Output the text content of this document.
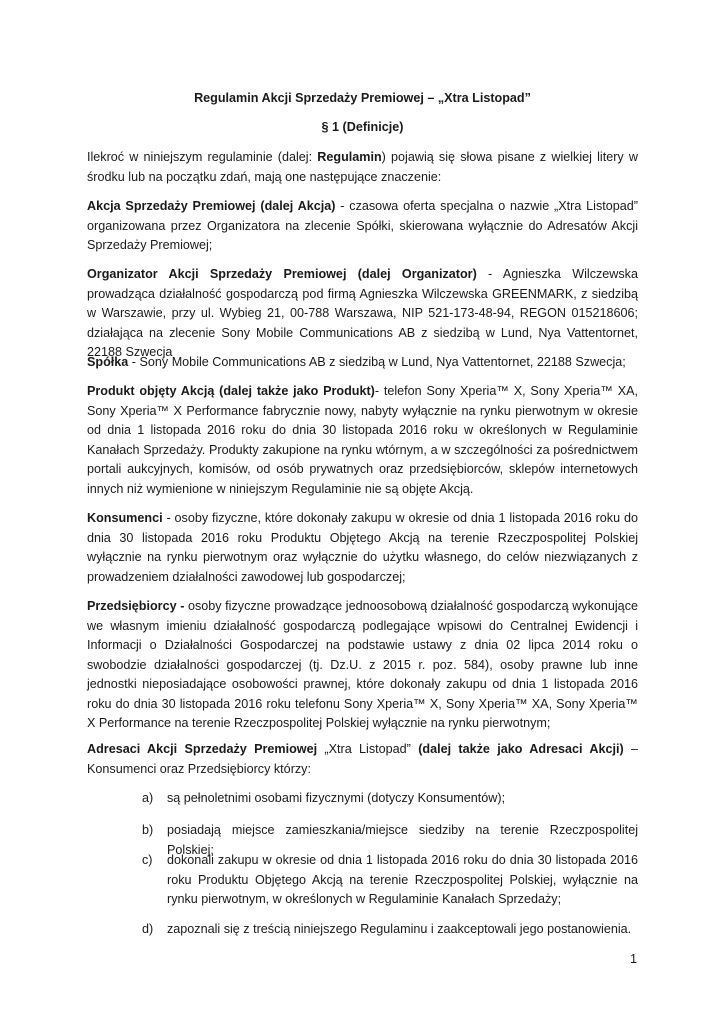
Regulamin Akcji Sprzedaży Premiowej – „Xtra Listopad”
§ 1 (Definicje)

Ilekroć w niniejszym regulaminie (dalej: Regulamin) pojawią się słowa pisane z wielkiej litery w środku lub na początku zdań, mają one następujące znaczenie:

Akcja Sprzedaży Premiowej (dalej Akcja) - czasowa oferta specjalna o nazwie „Xtra Listopad” organizowana przez Organizatora na zlecenie Spółki, skierowana wyłącznie do Adresatów Akcji Sprzedaży Premiowej;

Organizator Akcji Sprzedaży Premiowej (dalej Organizator) - Agnieszka Wilczewska prowadząca działalność gospodarczą pod firmą Agnieszka Wilczewska GREENMARK, z siedzibą w Warszawie, przy ul. Wybieg 21, 00-788 Warszawa, NIP 521-173-48-94, REGON 015218606; działająca na zlecenie Sony Mobile Communications AB z siedzibą w Lund, Nya Vattentornet, 22188 Szwecja

Spółka - Sony Mobile Communications AB z siedzibą w Lund, Nya Vattentornet, 22188 Szwecja;

Produkt objęty Akcją (dalej także jako Produkt)- telefon Sony Xperia™ X, Sony Xperia™ XA, Sony Xperia™ X Performance fabrycznie nowy, nabyty wyłącznie na rynku pierwotnym w okresie od dnia 1 listopada 2016 roku do dnia 30 listopada 2016 roku w określonych w Regulaminie Kanałach Sprzedaży. Produkty zakupione na rynku wtórnym, a w szczególności za pośrednictwem portali aukcyjnych, komisów, od osób prywatnych oraz przedsiębiorców, sklepów internetowych innych niż wymienione w niniejszym Regulaminie nie są objęte Akcją.

Konsumenci - osoby fizyczne, które dokonały zakupu w okresie od dnia 1 listopada 2016 roku do dnia 30 listopada 2016 roku Produktu Objętego Akcją na terenie Rzeczpospolitej Polskiej wyłącznie na rynku pierwotnym oraz wyłącznie do użytku własnego, do celów niezwiązanych z prowadzeniem działalności zawodowej lub gospodarczej;

Przedsiębiorcy - osoby fizyczne prowadzące jednoosobową działalność gospodarczą wykonujące we własnym imieniu działalność gospodarczą podlegające wpisowi do Centralnej Ewidencji i Informacji o Działalności Gospodarczej na podstawie ustawy z dnia 02 lipca 2014 roku o swobodzie działalności gospodarczej (tj. Dz.U. z 2015 r. poz. 584), osoby prawne lub inne jednostki nieposiadające osobowości prawnej, które dokonały zakupu od dnia 1 listopada 2016 roku do dnia 30 listopada 2016 roku telefonu Sony Xperia™ X, Sony Xperia™ XA, Sony Xperia™ X Performance na terenie Rzeczpospolitej Polskiej wyłącznie na rynku pierwotnym;

Adresaci Akcji Sprzedaży Premiowej „Xtra Listopad” (dalej także jako Adresaci Akcji) – Konsumenci oraz Przedsiębiorcy którzy:

a) są pełnoletnimi osobami fizycznymi (dotyczy Konsumentów);
b) posiadają miejsce zamieszkania/miejsce siedziby na terenie Rzeczpospolitej Polskiej;
c) dokonali zakupu w okresie od dnia 1 listopada 2016 roku do dnia 30 listopada 2016 roku Produktu Objętego Akcją na terenie Rzeczpospolitej Polskiej, wyłącznie na rynku pierwotnym, w określonych w Regulaminie Kanałach Sprzedaży;
d) zapoznali się z treścią niniejszego Regulaminu i zaakceptowali jego postanowienia.
1
